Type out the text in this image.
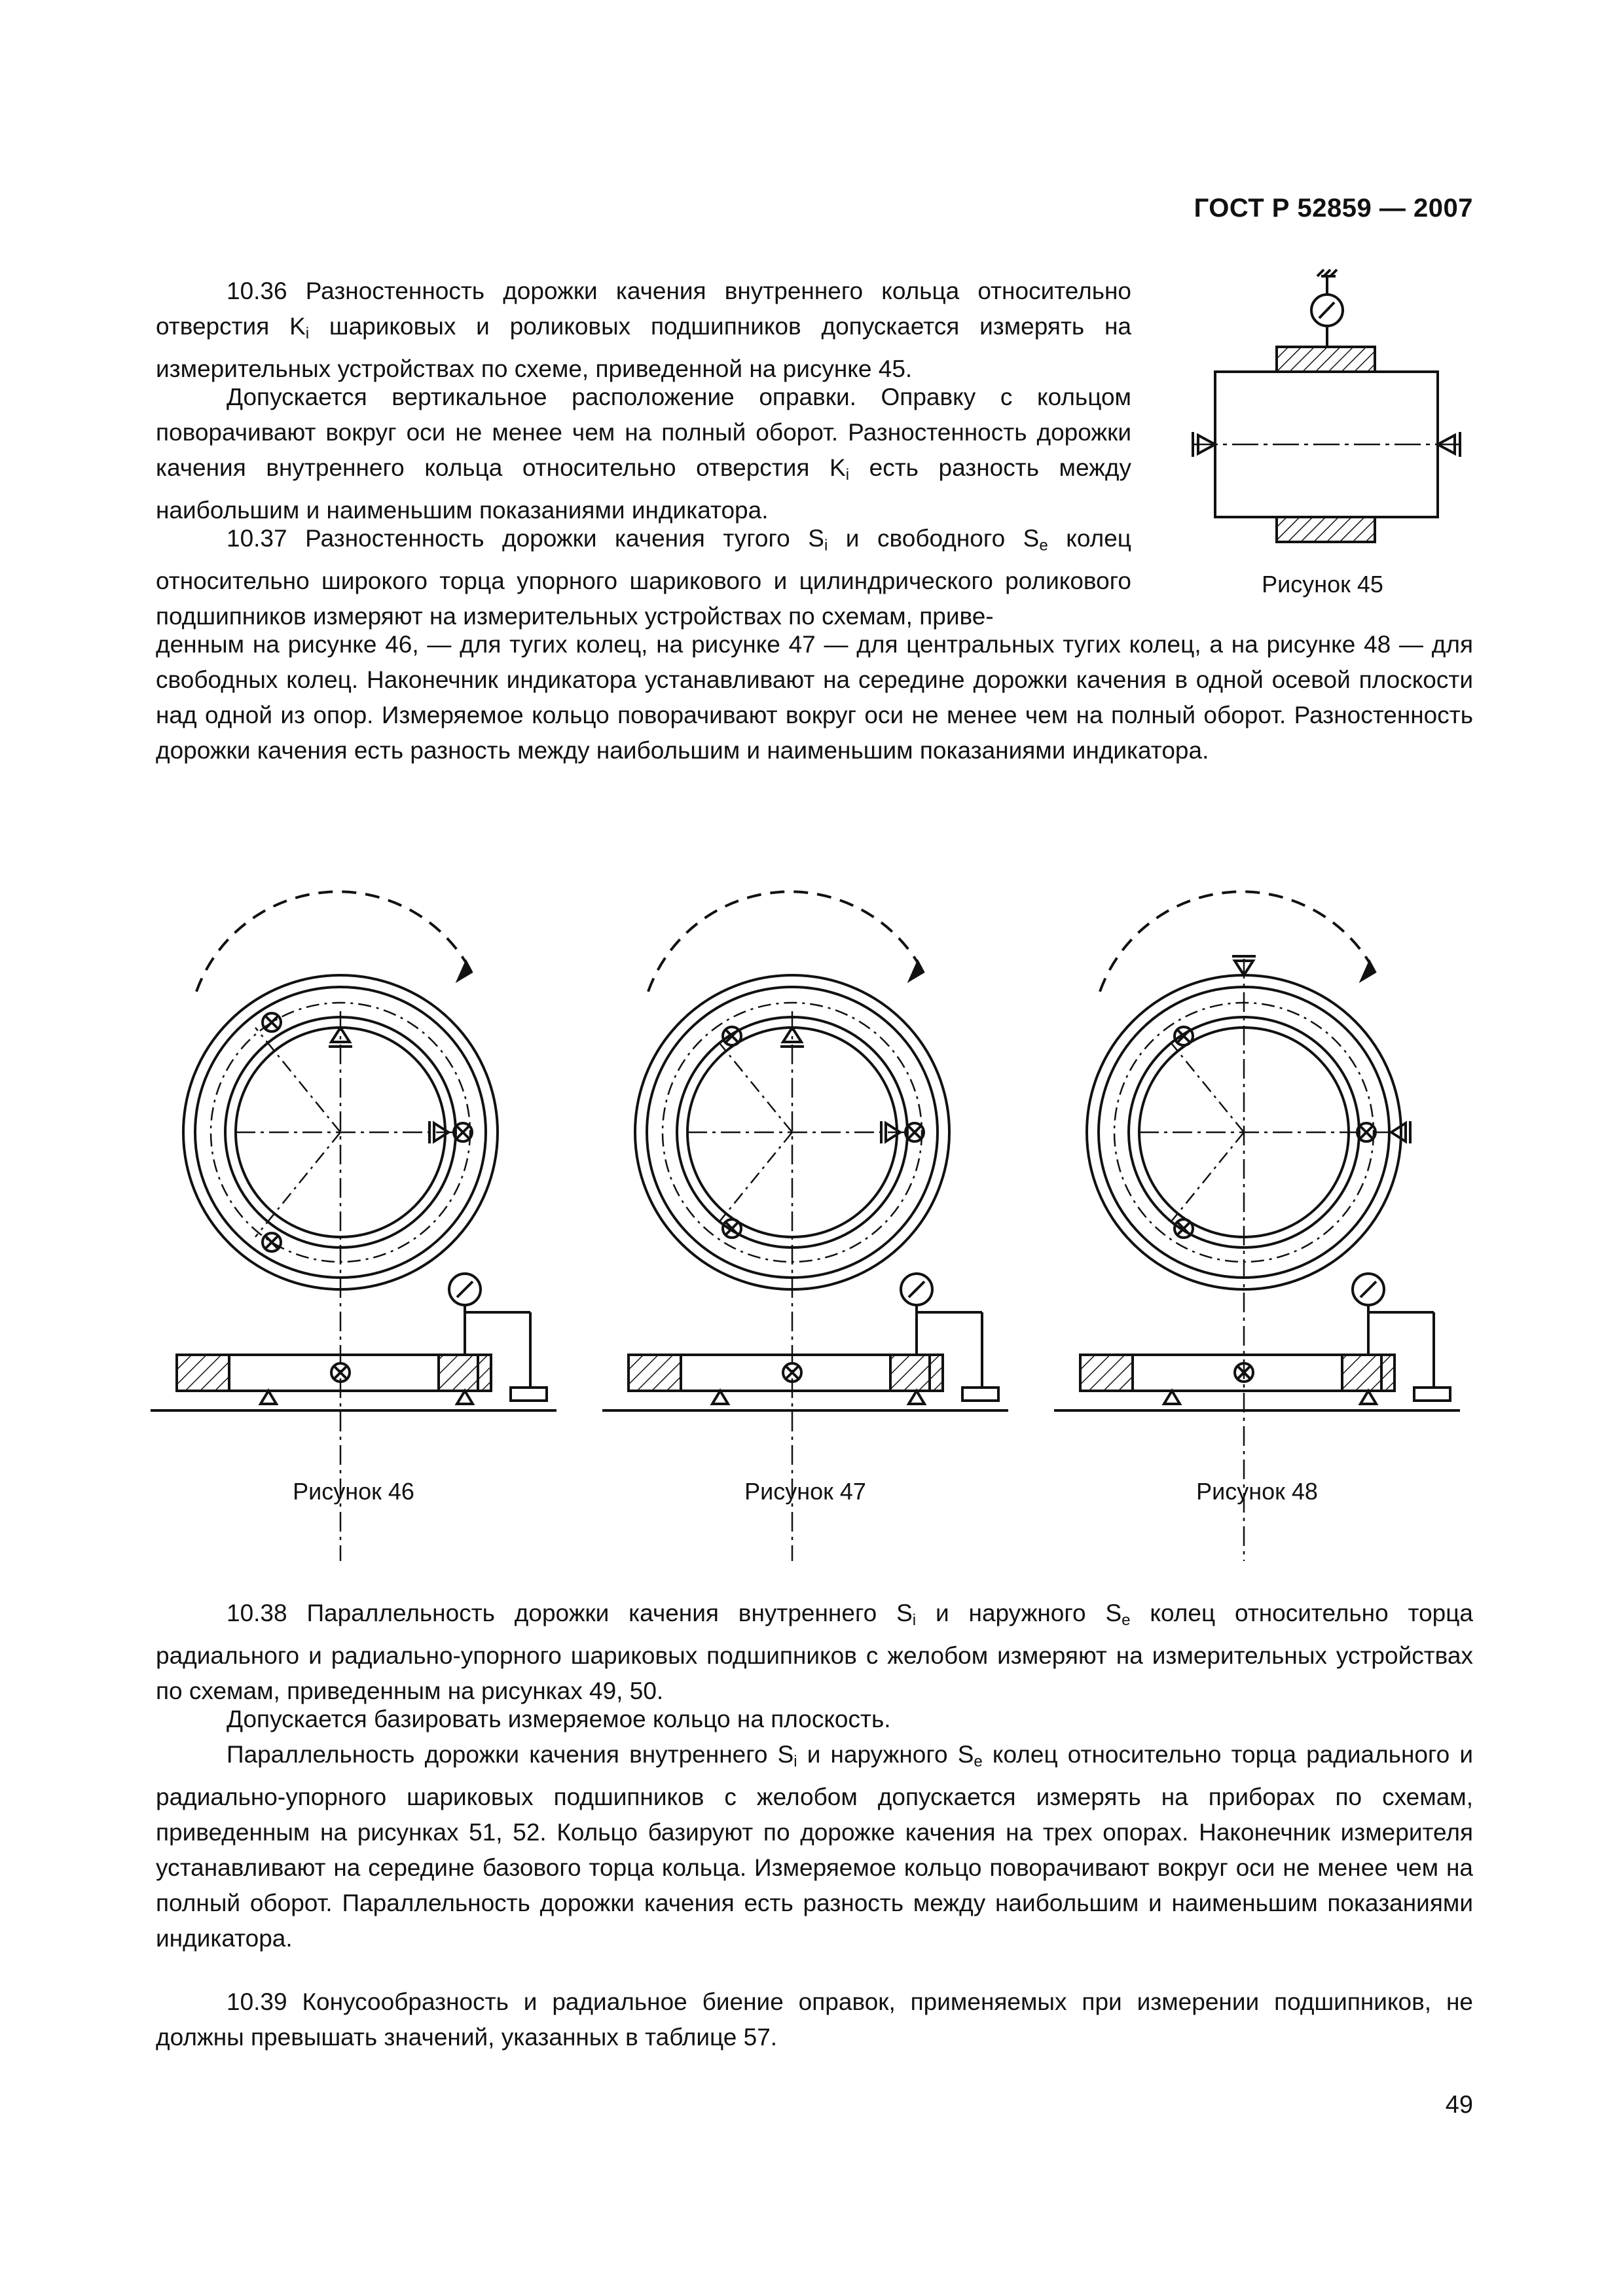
ГОСТ Р 52859 — 2007

10.36 Разностенность дорожки качения внутреннего кольца относительно отверстия $K_i$ шариковых и роликовых подшипников допускается измерять на измерительных устройствах по схеме, приведенной на рисунке 45.

Допускается вертикальное расположение оправки. Оправку с кольцом поворачивают вокруг оси не менее чем на полный оборот. Разностенность дорожки качения внутреннего кольца относительно отверстия $K_i$ есть разность между наибольшим и наименьшим показаниями индикатора.

10.37 Разностенность дорожки качения тугого $S_i$ и свободного $S_e$ колец относительно широкого торца упорного шарикового и цилиндрического роликового подшипников измеряют на измерительных устройствах по схемам, приве-

денным на рисунке 46, — для тугих колец, на рисунке 47 — для центральных тугих колец, а на рисунке 48 — для свободных колец. Наконечник индикатора устанавливают на середине дорожки качения в одной осевой плоскости над одной из опор. Измеряемое кольцо поворачивают вокруг оси не менее чем на полный оборот. Разностенность дорожки качения есть разность между наибольшим и наименьшим показаниями индикатора.

Рисунок 45
Рисунок 46	Рисунок 47	Рисунок 48

10.38 Параллельность дорожки качения внутреннего $S_i$ и наружного $S_e$ колец относительно торца радиального и радиально-упорного шариковых подшипников с желобом измеряют на измерительных устройствах по схемам, приведенным на рисунках 49, 50.

Допускается базировать измеряемое кольцо на плоскость.

Параллельность дорожки качения внутреннего $S_i$ и наружного $S_e$ колец относительно торца радиального и радиально-упорного шариковых подшипников с желобом допускается измерять на приборах по схемам, приведенным на рисунках 51, 52. Кольцо базируют по дорожке качения на трех опорах. Наконечник измерителя устанавливают на середине базового торца кольца. Измеряемое кольцо поворачивают вокруг оси не менее чем на полный оборот. Параллельность дорожки качения есть разность между наибольшим и наименьшим показаниями индикатора.

10.39 Конусообразность и радиальное биение оправок, применяемых при измерении подшипников, не должны превышать значений, указанных в таблице 57.

49
